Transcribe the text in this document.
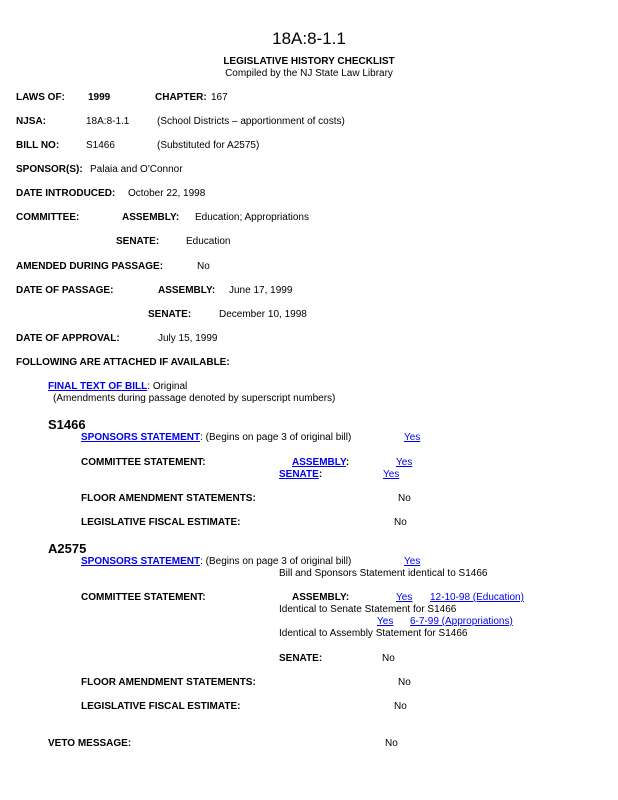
18A:8-1.1
LEGISLATIVE HISTORY CHECKLIST
Compiled by the NJ State Law Library
LAWS OF: 1999	CHAPTER: 167
NJSA:	18A:8-1.1	(School Districts – apportionment of costs)
BILL NO:	S1466	(Substituted for A2575)
SPONSOR(S): Palaia and O'Connor
DATE INTRODUCED: October 22, 1998
COMMITTEE:	ASSEMBLY: Education; Appropriations
SENATE:	Education
AMENDED DURING PASSAGE:	No
DATE OF PASSAGE:	ASSEMBLY: June 17, 1999
SENATE:	December 10, 1998
DATE OF APPROVAL:	July 15, 1999
FOLLOWING ARE ATTACHED IF AVAILABLE:
FINAL TEXT OF BILL: Original
(Amendments during passage denoted by superscript numbers)
S1466
SPONSORS STATEMENT: (Begins on page 3 of original bill)	Yes
COMMITTEE STATEMENT:	ASSEMBLY:	Yes
SENATE:	Yes
FLOOR AMENDMENT STATEMENTS:	No
LEGISLATIVE FISCAL ESTIMATE:	No
A2575
SPONSORS STATEMENT: (Begins on page 3 of original bill)	Yes
Bill and Sponsors Statement identical to S1466
COMMITTEE STATEMENT:	ASSEMBLY:	Yes 12-10-98 (Education)
Identical to Senate Statement for S1466
Yes 6-7-99 (Appropriations)
Identical to Assembly Statement for S1466
SENATE:	No
FLOOR AMENDMENT STATEMENTS:	No
LEGISLATIVE FISCAL ESTIMATE:	No
VETO MESSAGE:	No
